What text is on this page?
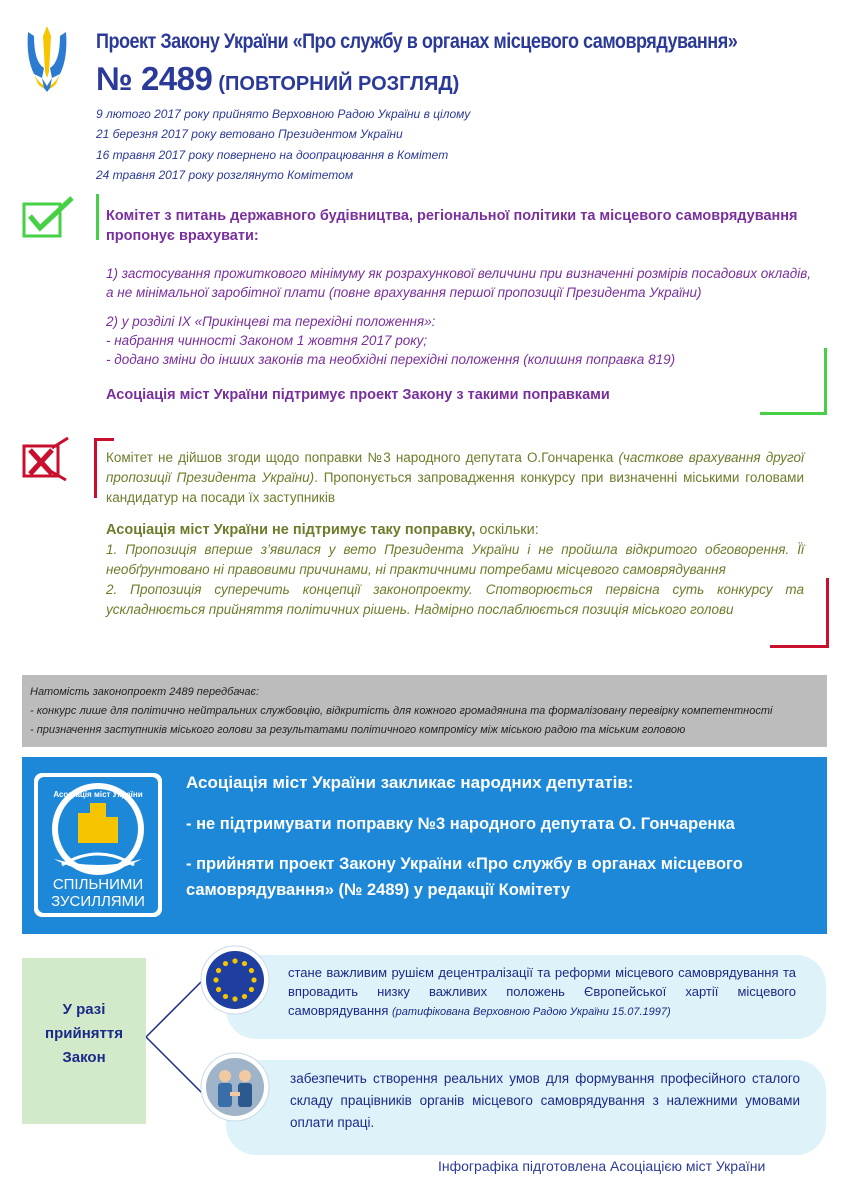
Проект Закону України «Про службу в органах місцевого самоврядування»
№ 2489 (ПОВТОРНИЙ РОЗГЛЯД)
9 лютого 2017 року прийнято Верховною Радою України в цілому
21 березня 2017 року ветовано Президентом України
16 травня 2017 року повернено на доопрацювання в Комітет
24 травня 2017 року розглянуто Комітетом
Комітет з питань державного будівництва, регіональної політики та місцевого самоврядування пропонує врахувати:
1) застосування прожиткового мінімуму як розрахункової величини при визначенні розмірів посадових окладів, а не мінімальної заробітної плати (повне врахування першої пропозиції Президента України)
2) у розділі IX «Прикінцеві та перехідні положення»:
- набрання чинності Законом 1 жовтня 2017 року;
- додано зміни до інших законів та необхідні перехідні положення (колишня поправка 819)
Асоціація міст України підтримує проект Закону з такими поправками
Комітет не дійшов згоди щодо поправки №3 народного депутата О.Гончаренка (часткове врахування другої пропозиції Президента України). Пропонується запровадження конкурсу при визначенні міськими головами кандидатур на посади їх заступників
Асоціація міст України не підтримує таку поправку, оскільки:
1. Пропозиція вперше з’явилася у вето Президента України і не пройшла відкритого обговорення. Її необґрунтовано ні правовими причинами, ні практичними потребами місцевого самоврядування
2. Пропозиція суперечить концепції законопроекту. Спотворюється первісна суть конкурсу та ускладнюється прийняття політичних рішень. Надмірно послаблюється позиція міського голови
Натомість законопроект 2489 передбачає:
- конкурс лише для політично нейтральних службовцію, відкритість для кожного громадянина та формалізовану перевірку компетентності
- призначення заступників міського голови за результатами політичного компромісу між міською радою та міським головою
Асоціація міст України
СПІЛЬНИМИ
ЗУСИЛЛЯМИ
Асоціація міст України закликає народних депутатів:
- не підтримувати поправку №3 народного депутата О. Гончаренка
- прийняти проект Закону України «Про службу в органах місцевого самоврядування» (№ 2489) у редакції Комітету
У разі
прийняття
Закон
стане важливим рушієм децентралізації та реформи місцевого самоврядування та впровадить низку важливих положень Європейської хартії місцевого самоврядування (ратифікована Верховною Радою України 15.07.1997)
забезпечить створення реальних умов для формування професійного сталого складу працівників органів місцевого самоврядування з належними умовами оплати праці.
Інфографіка підготовлена Асоціацією міст України
